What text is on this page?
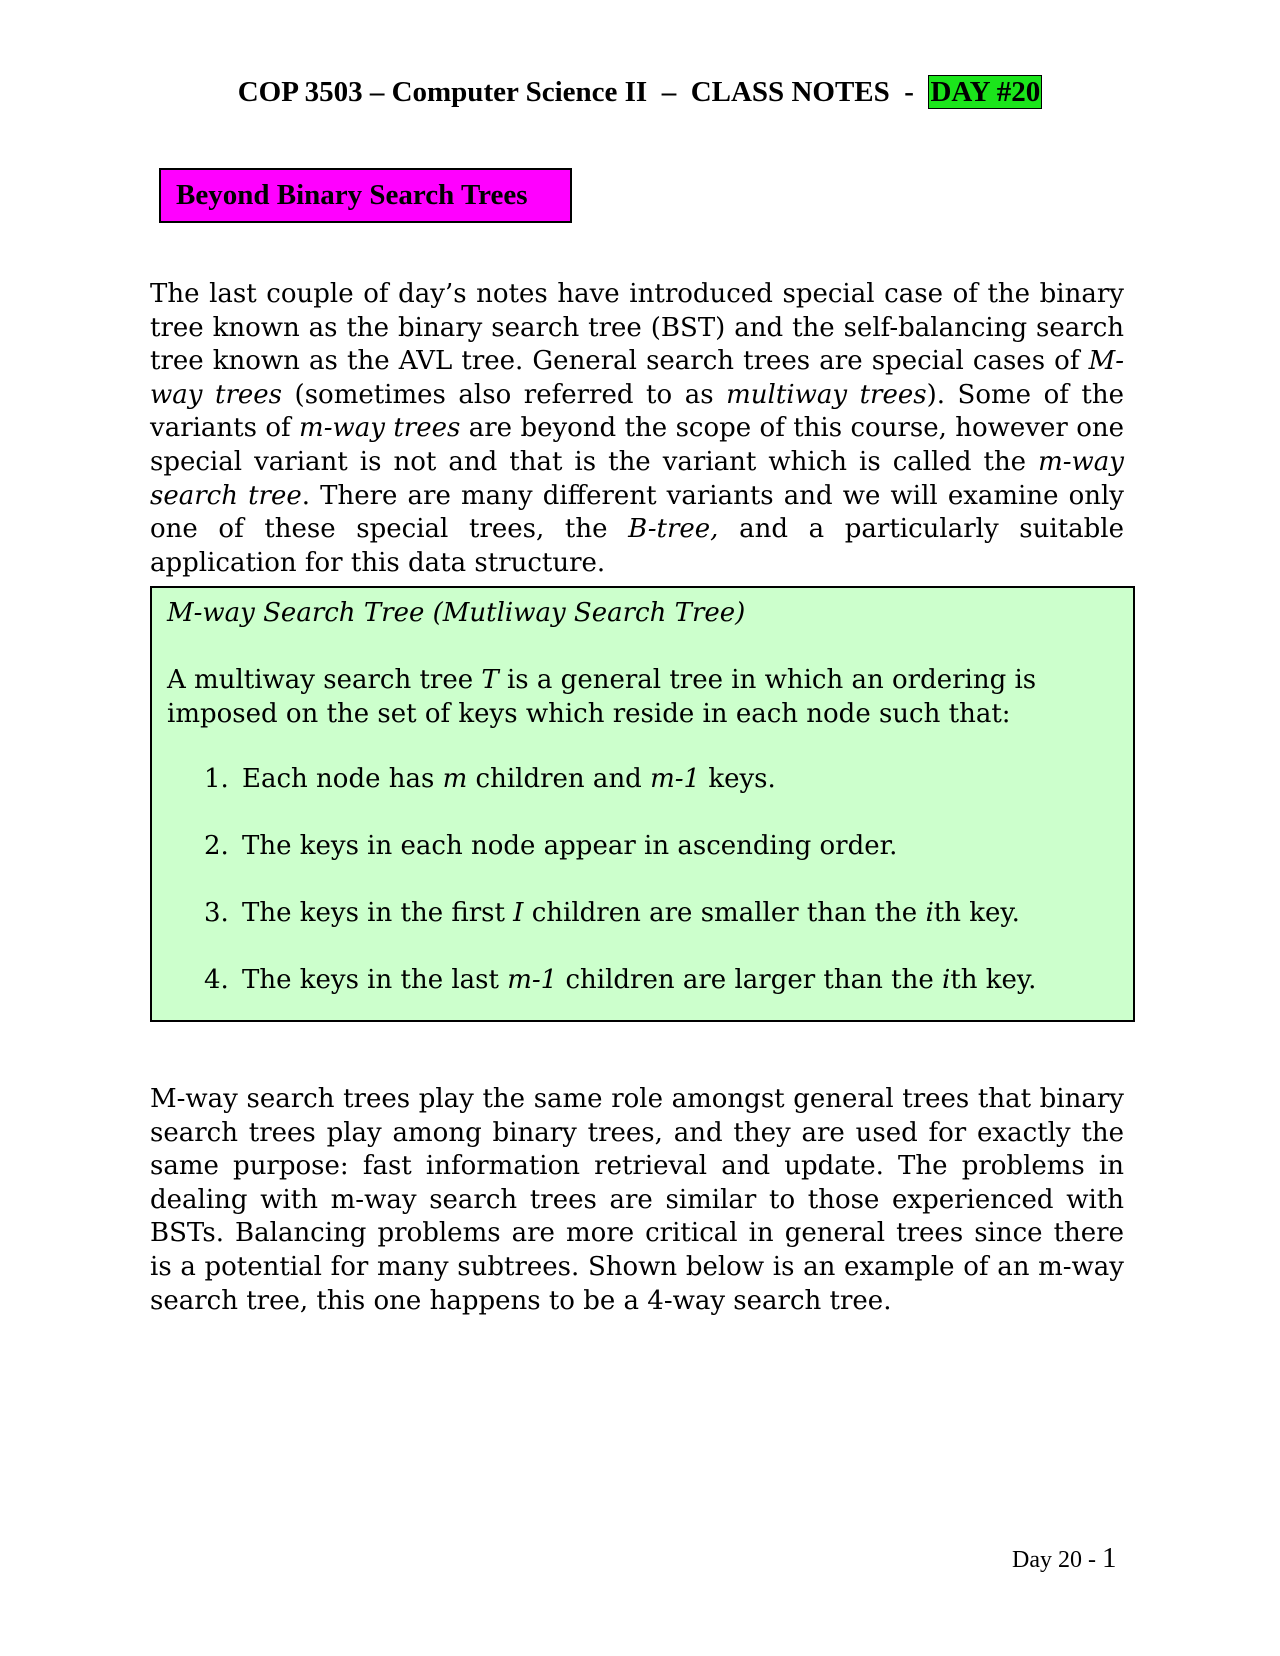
COP 3503 – Computer Science II  –  CLASS NOTES  -  DAY #20
Beyond Binary Search Trees

The last couple of day’s notes have introduced special case of the binary tree known as the binary search tree (BST) and the self-balancing search tree known as the AVL tree. General search trees are special cases of M-way trees (sometimes also referred to as multiway trees). Some of the variants of m-way trees are beyond the scope of this course, however one special variant is not and that is the variant which is called the m-way search tree. There are many different variants and we will examine only one of these special trees, the B-tree, and a particularly suitable application for this data structure.

M-way Search Tree (Mutliway Search Tree)

A multiway search tree T is a general tree in which an ordering is imposed on the set of keys which reside in each node such that:

1. Each node has m children and m-1 keys.
2. The keys in each node appear in ascending order.
3. The keys in the first I children are smaller than the ith key.
4. The keys in the last m-1 children are larger than the ith key.

M-way search trees play the same role amongst general trees that binary search trees play among binary trees, and they are used for exactly the same purpose: fast information retrieval and update. The problems in dealing with m-way search trees are similar to those experienced with BSTs. Balancing problems are more critical in general trees since there is a potential for many subtrees. Shown below is an example of an m-way search tree, this one happens to be a 4-way search tree.

Day 20 - 1
